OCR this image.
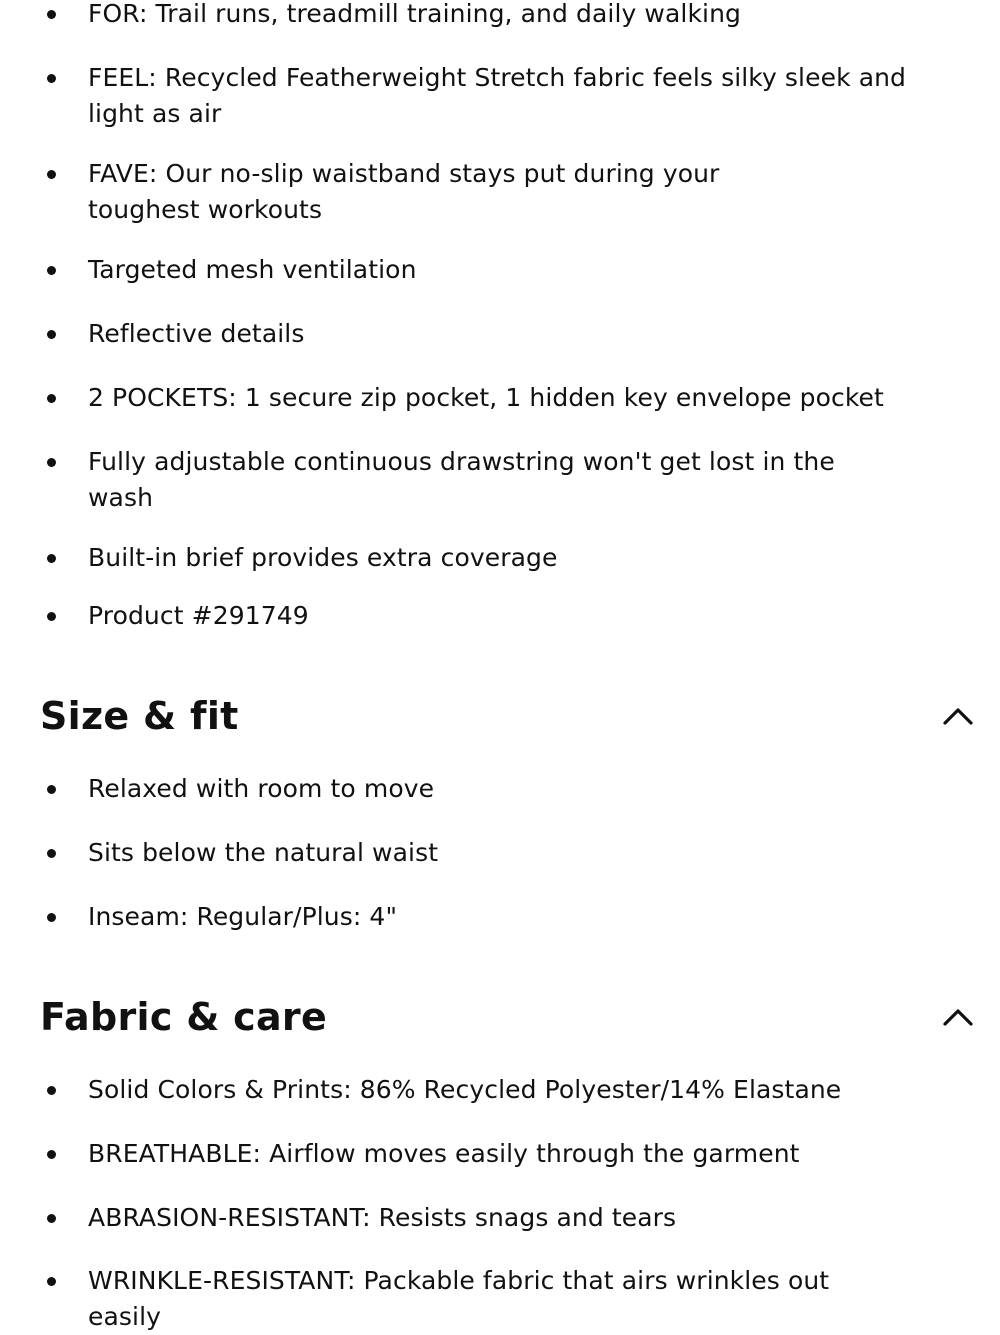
FOR: Trail runs, treadmill training, and daily walking
FEEL: Recycled Featherweight Stretch fabric feels silky sleek and light as air
FAVE: Our no-slip waistband stays put during your toughest workouts
Targeted mesh ventilation
Reflective details
2 POCKETS: 1 secure zip pocket, 1 hidden key envelope pocket
Fully adjustable continuous drawstring won't get lost in the wash
Built-in brief provides extra coverage
Product #291749
Size & fit
Relaxed with room to move
Sits below the natural waist
Inseam: Regular/Plus: 4"
Fabric & care
Solid Colors & Prints: 86% Recycled Polyester/14% Elastane
BREATHABLE: Airflow moves easily through the garment
ABRASION-RESISTANT: Resists snags and tears
WRINKLE-RESISTANT: Packable fabric that airs wrinkles out easily
